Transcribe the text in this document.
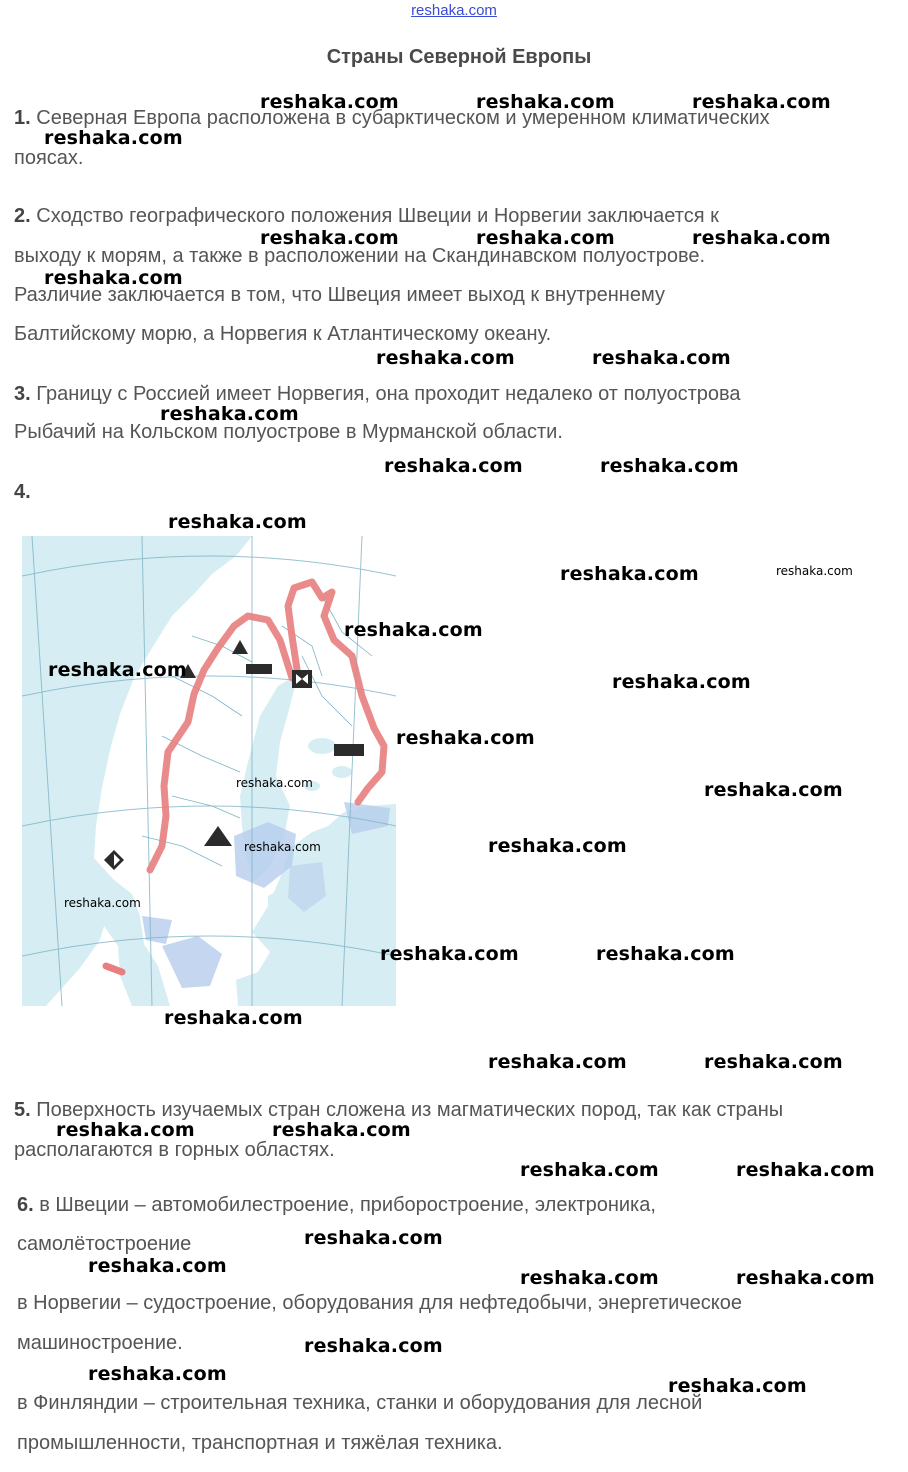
reshaka.com
Страны Северной Европы
1. Северная Европа расположена в субарктическом и умеренном климатических
поясах.
2. Сходство географического положения Швеции и Норвегии заключается к
выходу к морям, а также в расположении на Скандинавском полуострове.
Различие заключается в том, что Швеция имеет выход к внутреннему
Балтийскому морю, а Норвегия к Атлантическому океану.
3. Границу с Россией имеет Норвегия, она проходит недалеко от полуострова
Рыбачий на Кольском полуострове в Мурманской области.
4.
5. Поверхность изучаемых стран сложена из магматических пород, так как страны
располагаются в горных областях.
6. в Швеции – автомобилестроение, приборостроение, электроника,
самолётостроение
в Норвегии – судостроение, оборудования для нефтедобычи, энергетическое
машиностроение.
в Финляндии – строительная техника, станки и оборудования для лесной
промышленности, транспортная и тяжёлая техника.
reshaka.com	reshaka.com	reshaka.com
reshaka.com
reshaka.com	reshaka.com	reshaka.com
reshaka.com
reshaka.com	reshaka.com
reshaka.com
reshaka.com	reshaka.com
reshaka.com
reshaka.com	reshaka.com
reshaka.com
reshaka.com
reshaka.com
reshaka.com
reshaka.com	reshaka.com
reshaka.com
reshaka.com
reshaka.com
reshaka.com	reshaka.com
reshaka.com
reshaka.com	reshaka.com
reshaka.com	reshaka.com
reshaka.com	reshaka.com
reshaka.com
reshaka.com
reshaka.com	reshaka.com
reshaka.com
reshaka.com
reshaka.com
